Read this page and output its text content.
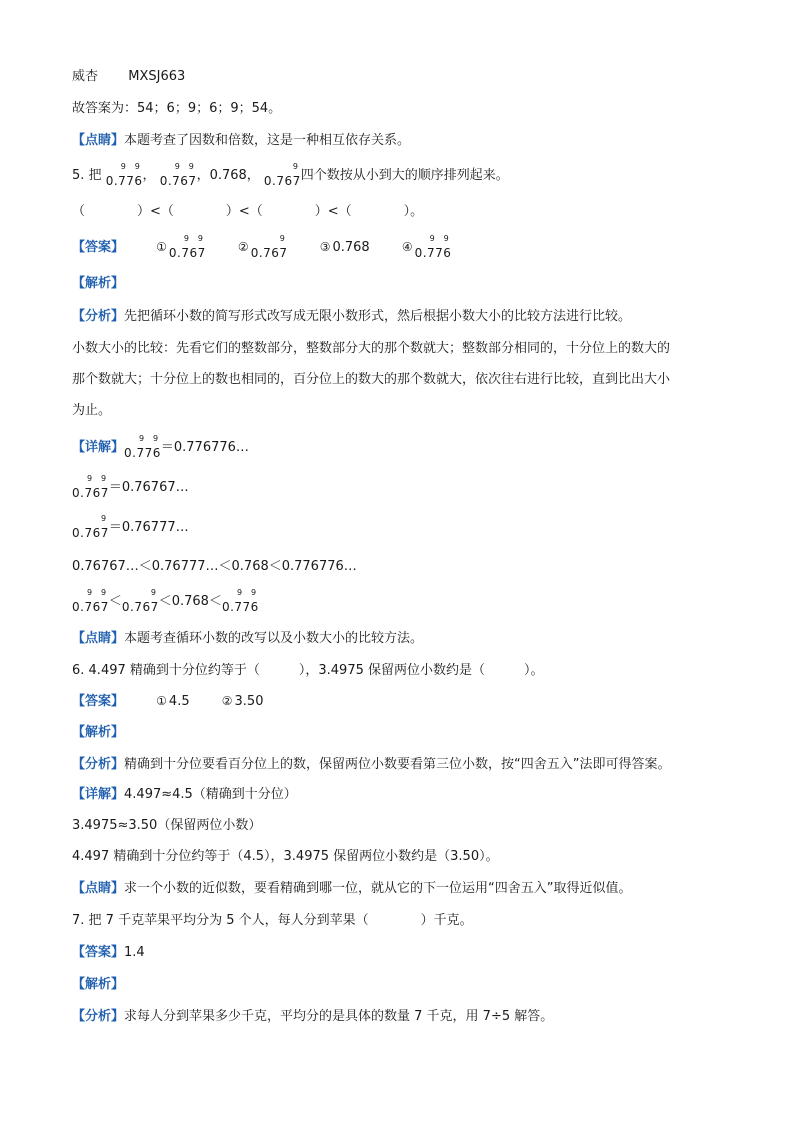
威杏 MXSJ663
故答案为：54；6；9；6；9；54。
【点睛】本题考查了因数和倍数，这是一种相互依存关系。
5. 把 0.776
9 9
， 0.767
9 9
，0.768， 0.767
9
四个数按从小到大的顺序排列起来。
（　　　　）<（　　　　）<（　　　　）<（　　　　）。
【答案】	① 0.767
9 9
② 0.767
9
③ 0.768	④ 0.776
9 9
【解析】
【分析】先把循环小数的简写形式改写成无限小数形式，然后根据小数大小的比较方法进行比较。
小数大小的比较：先看它们的整数部分，整数部分大的那个数就大；整数部分相同的，十分位上的数大的
那个数就大；十分位上的数也相同的，百分位上的数大的那个数就大，依次往右进行比较，直到比出大小
为止。
【详解】0.776
9 9
＝0.776776…
0.767
9 9
＝0.76767…
0.767
9
＝0.76777…
0.76767…＜0.76777…＜0.768＜0.776776…
0.767
9 9
＜0.767
9
＜0.768＜0.776
9 9
【点睛】本题考查循环小数的改写以及小数大小的比较方法。
6. 4.497 精确到十分位约等于（　　　），3.4975 保留两位小数约是（　　　）。
【答案】	① 4.5	② 3.50
【解析】
【分析】精确到十分位要看百分位上的数，保留两位小数要看第三位小数，按“四舍五入”法即可得答案。
【详解】4.497≈4.5（精确到十分位）
3.4975≈3.50（保留两位小数）
4.497 精确到十分位约等于（4.5），3.4975 保留两位小数约是（3.50）。
【点睛】求一个小数的近似数，要看精确到哪一位，就从它的下一位运用“四舍五入”取得近似值。
7. 把 7 千克苹果平均分为 5 个人，每人分到苹果（　　　　）千克。
【答案】1.4
【解析】
【分析】求每人分到苹果多少千克，平均分的是具体的数量 7 千克，用 7÷5 解答。
